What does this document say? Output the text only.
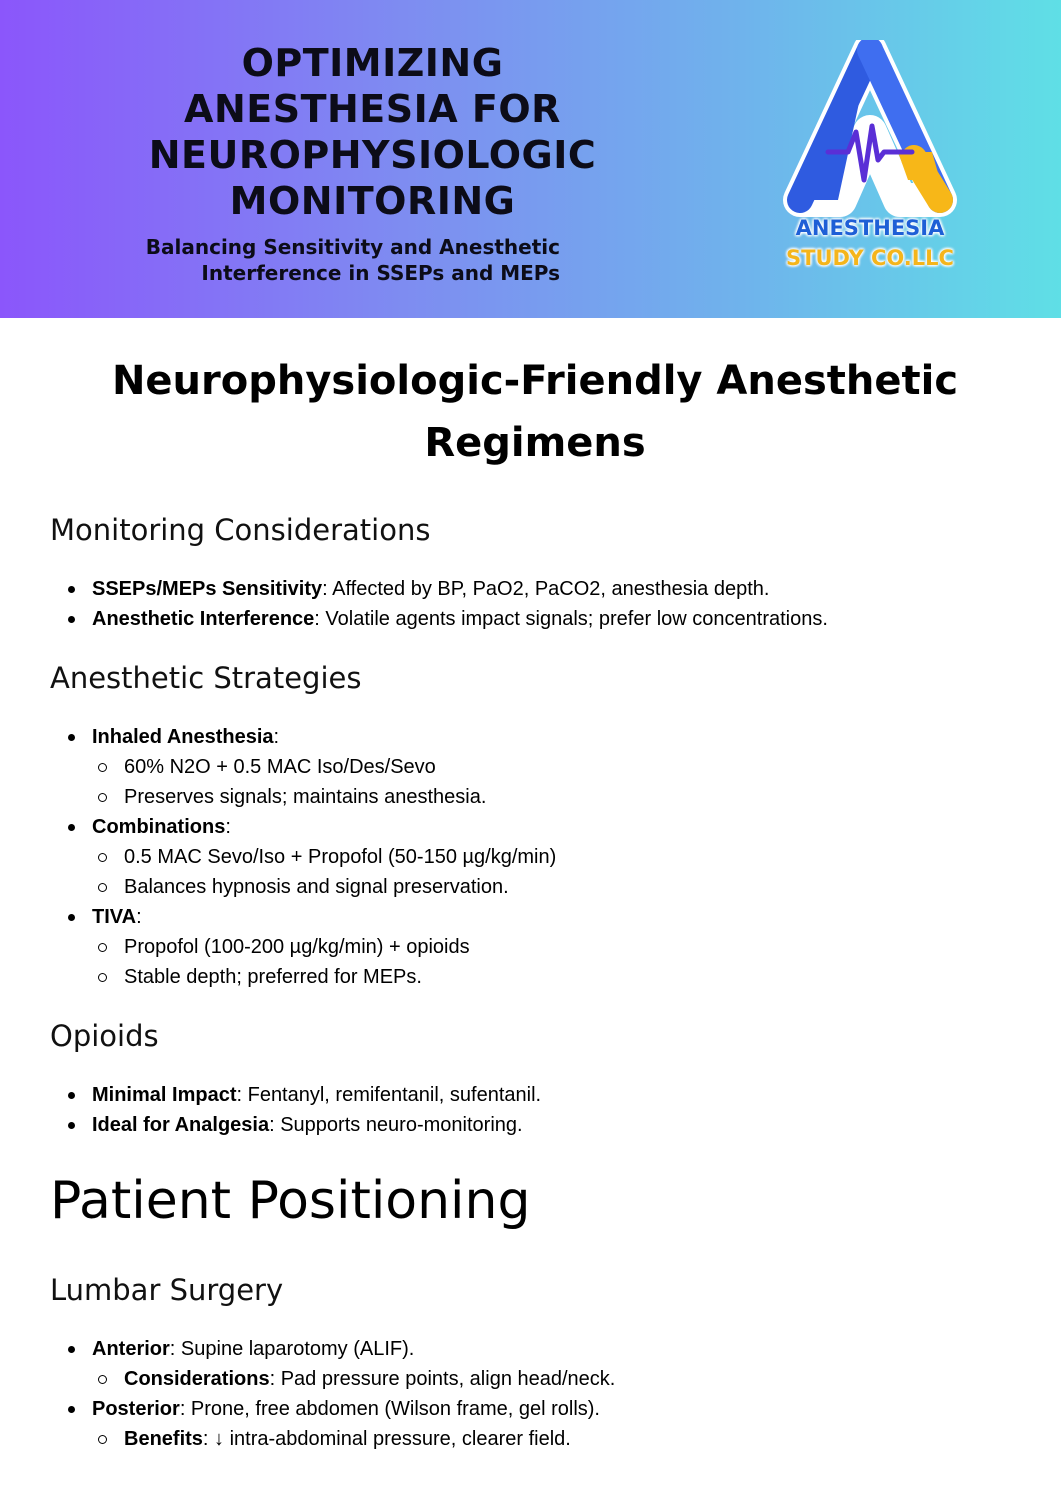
OPTIMIZING
ANESTHESIA FOR
NEUROPHYSIOLOGIC
MONITORING
Balancing Sensitivity and Anesthetic
Interference in SSEPs and MEPs
ANESTHESIA
STUDY CO.LLC
Neurophysiologic-Friendly Anesthetic Regimens
Monitoring Considerations
SSEPs/MEPs Sensitivity: Affected by BP, PaO2, PaCO2, anesthesia depth.
Anesthetic Interference: Volatile agents impact signals; prefer low concentrations.
Anesthetic Strategies
Inhaled Anesthesia:
60% N2O + 0.5 MAC Iso/Des/Sevo
Preserves signals; maintains anesthesia.
Combinations:
0.5 MAC Sevo/Iso + Propofol (50-150 µg/kg/min)
Balances hypnosis and signal preservation.
TIVA:
Propofol (100-200 µg/kg/min) + opioids
Stable depth; preferred for MEPs.
Opioids
Minimal Impact: Fentanyl, remifentanil, sufentanil.
Ideal for Analgesia: Supports neuro-monitoring.
Patient Positioning
Lumbar Surgery
Anterior: Supine laparotomy (ALIF).
Considerations: Pad pressure points, align head/neck.
Posterior: Prone, free abdomen (Wilson frame, gel rolls).
Benefits: ↓ intra-abdominal pressure, clearer field.
